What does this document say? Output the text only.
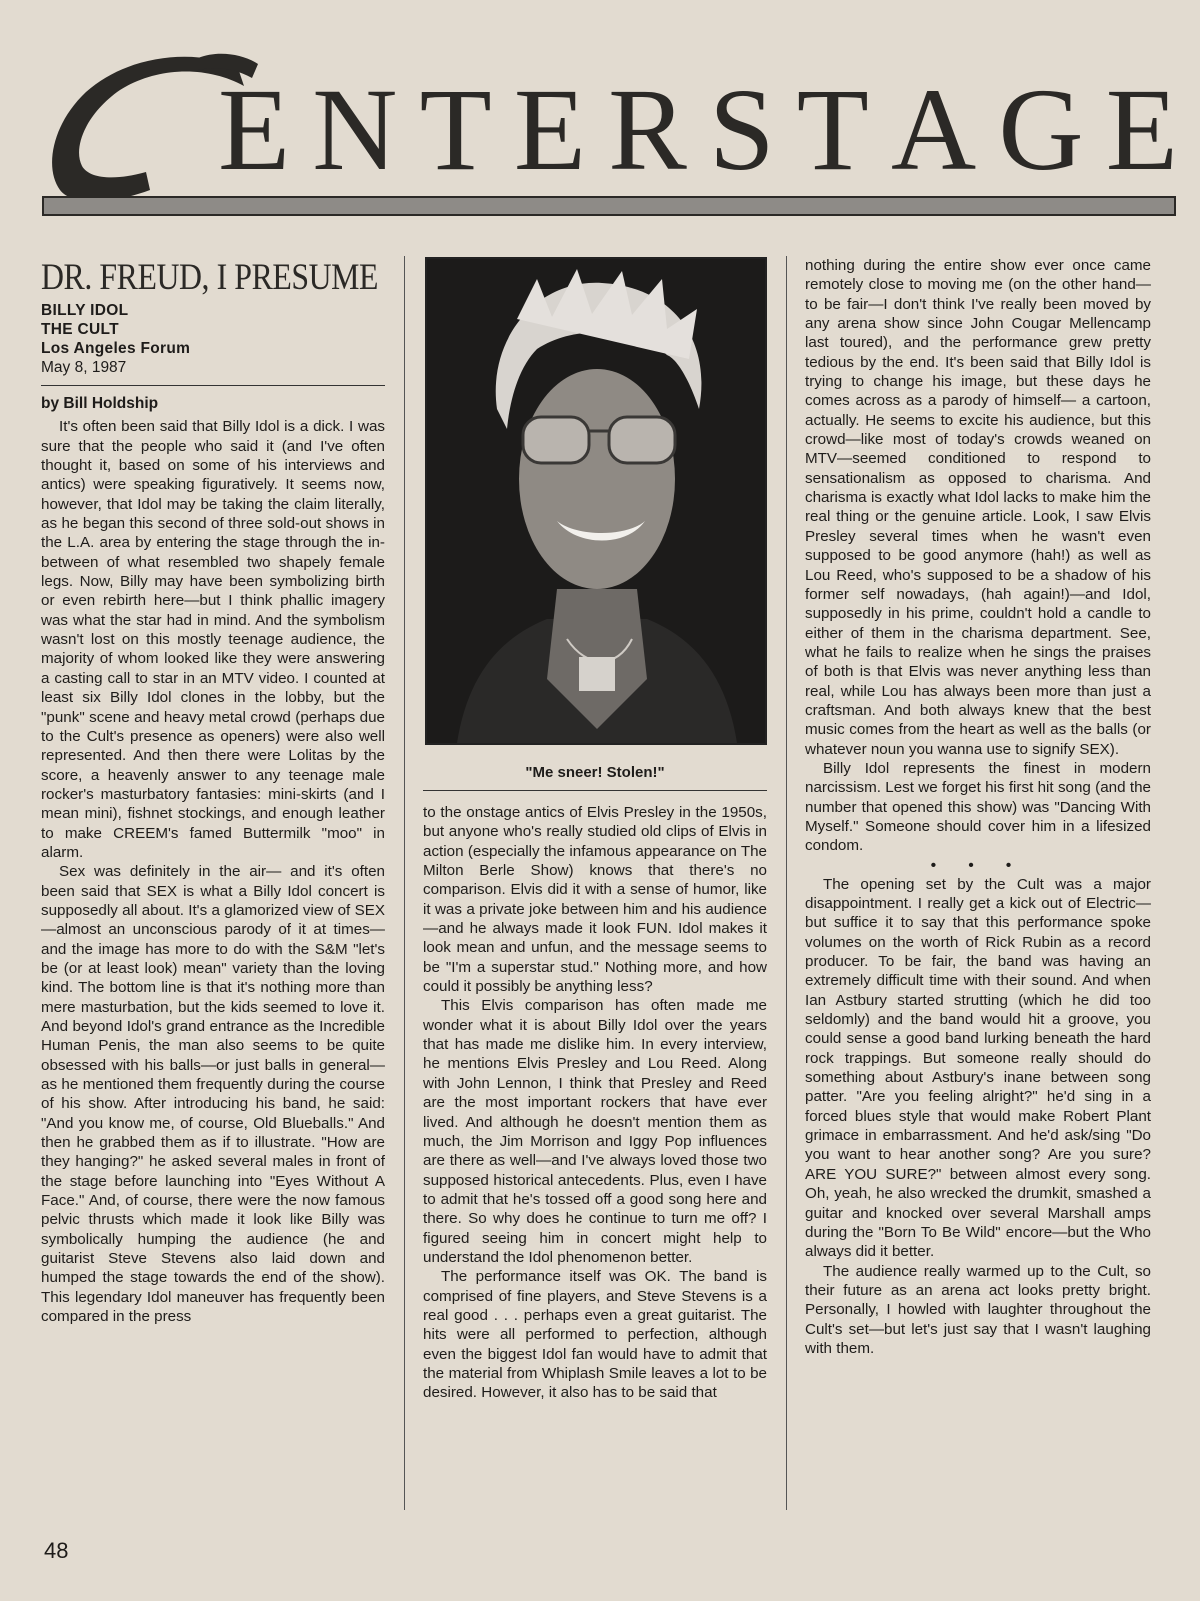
E N T E R S T A G E
DR. FREUD, I PRESUME
BILLY IDOL
THE CULT
Los Angeles Forum
May 8, 1987
by Bill Holdship

It's often been said that Billy Idol is a dick. I was sure that the people who said it (and I've often thought it, based on some of his interviews and antics) were speaking figuratively. It seems now, however, that Idol may be taking the claim literally, as he began this second of three sold-out shows in the L.A. area by entering the stage through the in-between of what resembled two shapely female legs. Now, Billy may have been symbolizing birth or even rebirth here—but I think phallic imagery was what the star had in mind. And the symbolism wasn't lost on this mostly teenage audience, the majority of whom looked like they were answering a casting call to star in an MTV video. I counted at least six Billy Idol clones in the lobby, but the "punk" scene and heavy metal crowd (perhaps due to the Cult's presence as openers) were also well represented. And then there were Lolitas by the score, a heavenly answer to any teenage male rocker's masturbatory fantasies: mini-skirts (and I mean mini), fishnet stockings, and enough leather to make CREEM's famed Buttermilk "moo" in alarm.

Sex was definitely in the air— and it's often been said that SEX is what a Billy Idol concert is supposedly all about. It's a glamorized view of SEX—almost an unconscious parody of it at times—and the image has more to do with the S&M "let's be (or at least look) mean" variety than the loving kind. The bottom line is that it's nothing more than mere masturbation, but the kids seemed to love it. And beyond Idol's grand entrance as the Incredible Human Penis, the man also seems to be quite obsessed with his balls—or just balls in general—as he mentioned them frequently during the course of his show. After introducing his band, he said: "And you know me, of course, Old Blueballs." And then he grabbed them as if to illustrate. "How are they hanging?" he asked several males in front of the stage before launching into "Eyes Without A Face." And, of course, there were the now famous pelvic thrusts which made it look like Billy was symbolically humping the audience (he and guitarist Steve Stevens also laid down and humped the stage towards the end of the show). This legendary Idol maneuver has frequently been compared in the press

"Me sneer! Stolen!"

to the onstage antics of Elvis Presley in the 1950s, but anyone who's really studied old clips of Elvis in action (especially the infamous appearance on The Milton Berle Show) knows that there's no comparison. Elvis did it with a sense of humor, like it was a private joke between him and his audience—and he always made it look FUN. Idol makes it look mean and unfun, and the message seems to be "I'm a superstar stud." Nothing more, and how could it possibly be anything less?

This Elvis comparison has often made me wonder what it is about Billy Idol over the years that has made me dislike him. In every interview, he mentions Elvis Presley and Lou Reed. Along with John Lennon, I think that Presley and Reed are the most important rockers that have ever lived. And although he doesn't mention them as much, the Jim Morrison and Iggy Pop influences are there as well—and I've always loved those two supposed historical antecedents. Plus, even I have to admit that he's tossed off a good song here and there. So why does he continue to turn me off? I figured seeing him in concert might help to understand the Idol phenomenon better.

The performance itself was OK. The band is comprised of fine players, and Steve Stevens is a real good . . . perhaps even a great guitarist. The hits were all performed to perfection, although even the biggest Idol fan would have to admit that the material from Whiplash Smile leaves a lot to be desired. However, it also has to be said that

nothing during the entire show ever once came remotely close to moving me (on the other hand—to be fair—I don't think I've really been moved by any arena show since John Cougar Mellencamp last toured), and the performance grew pretty tedious by the end. It's been said that Billy Idol is trying to change his image, but these days he comes across as a parody of himself— a cartoon, actually. He seems to excite his audience, but this crowd—like most of today's crowds weaned on MTV—seemed conditioned to respond to sensationalism as opposed to charisma. And charisma is exactly what Idol lacks to make him the real thing or the genuine article. Look, I saw Elvis Presley several times when he wasn't even supposed to be good anymore (hah!) as well as Lou Reed, who's supposed to be a shadow of his former self nowadays, (hah again!)—and Idol, supposedly in his prime, couldn't hold a candle to either of them in the charisma department. See, what he fails to realize when he sings the praises of both is that Elvis was never anything less than real, while Lou has always been more than just a craftsman. And both always knew that the best music comes from the heart as well as the balls (or whatever noun you wanna use to signify SEX).

Billy Idol represents the finest in modern narcissism. Lest we forget his first hit song (and the number that opened this show) was "Dancing With Myself." Someone should cover him in a lifesized condom.

• • •

The opening set by the Cult was a major disappointment. I really get a kick out of Electric—but suffice it to say that this performance spoke volumes on the worth of Rick Rubin as a record producer. To be fair, the band was having an extremely difficult time with their sound. And when Ian Astbury started strutting (which he did too seldomly) and the band would hit a groove, you could sense a good band lurking beneath the hard rock trappings. But someone really should do something about Astbury's inane between song patter. "Are you feeling alright?" he'd sing in a forced blues style that would make Robert Plant grimace in embarrassment. And he'd ask/sing "Do you want to hear another song? Are you sure? ARE YOU SURE?" between almost every song. Oh, yeah, he also wrecked the drumkit, smashed a guitar and knocked over several Marshall amps during the "Born To Be Wild" encore—but the Who always did it better.

The audience really warmed up to the Cult, so their future as an arena act looks pretty bright. Personally, I howled with laughter throughout the Cult's set—but let's just say that I wasn't laughing with them.

48
